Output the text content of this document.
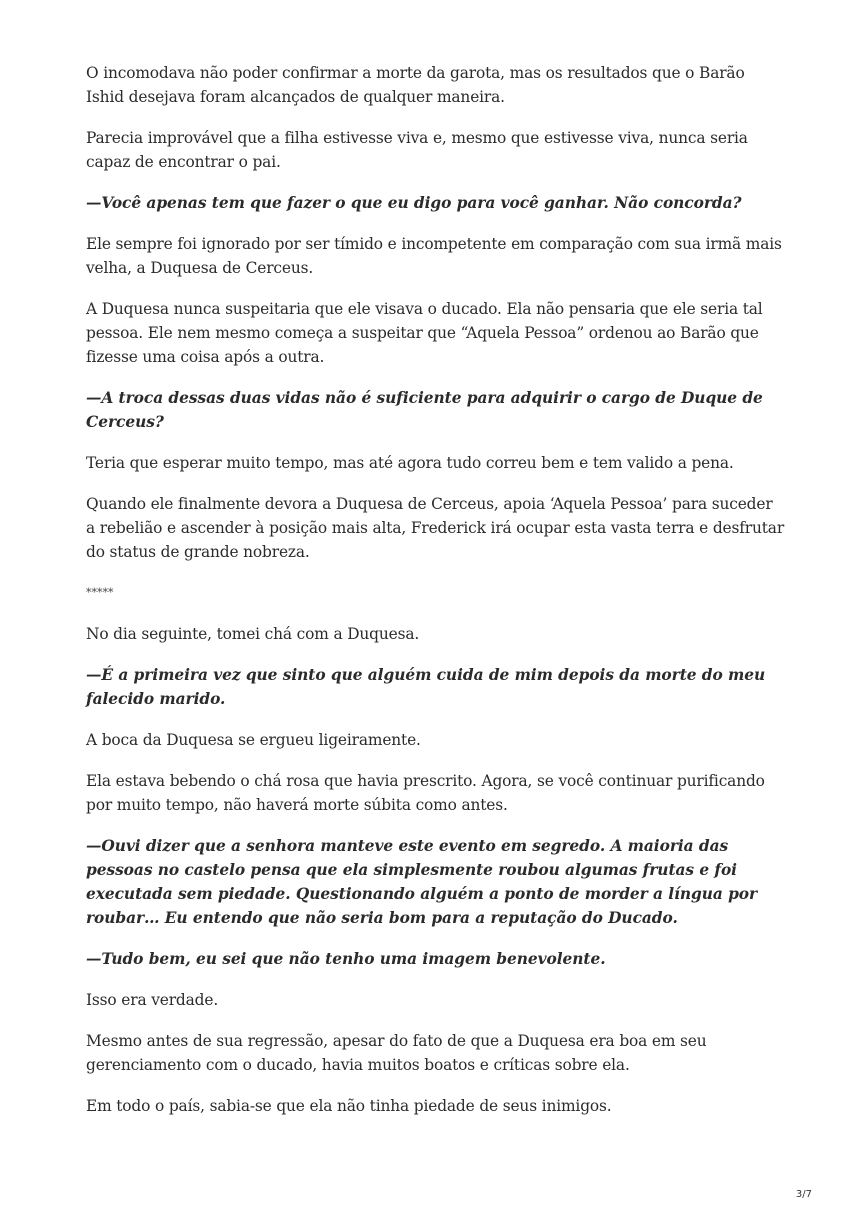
O incomodava não poder confirmar a morte da garota, mas os resultados que o Barão Ishid desejava foram alcançados de qualquer maneira.

Parecia improvável que a filha estivesse viva e, mesmo que estivesse viva, nunca seria capaz de encontrar o pai.

—Você apenas tem que fazer o que eu digo para você ganhar. Não concorda?

Ele sempre foi ignorado por ser tímido e incompetente em comparação com sua irmã mais velha, a Duquesa de Cerceus.

A Duquesa nunca suspeitaria que ele visava o ducado. Ela não pensaria que ele seria tal pessoa. Ele nem mesmo começa a suspeitar que “Aquela Pessoa” ordenou ao Barão que fizesse uma coisa após a outra.

—A troca dessas duas vidas não é suficiente para adquirir o cargo de Duque de Cerceus?

Teria que esperar muito tempo, mas até agora tudo correu bem e tem valido a pena.

Quando ele finalmente devora a Duquesa de Cerceus, apoia ‘Aquela Pessoa’ para suceder a rebelião e ascender à posição mais alta, Frederick irá ocupar esta vasta terra e desfrutar do status de grande nobreza.

*****

No dia seguinte, tomei chá com a Duquesa.

—É a primeira vez que sinto que alguém cuida de mim depois da morte do meu falecido marido.

A boca da Duquesa se ergueu ligeiramente.

Ela estava bebendo o chá rosa que havia prescrito. Agora, se você continuar purificando por muito tempo, não haverá morte súbita como antes.

—Ouvi dizer que a senhora manteve este evento em segredo. A maioria das pessoas no castelo pensa que ela simplesmente roubou algumas frutas e foi executada sem piedade. Questionando alguém a ponto de morder a língua por roubar… Eu entendo que não seria bom para a reputação do Ducado.

—Tudo bem, eu sei que não tenho uma imagem benevolente.

Isso era verdade.

Mesmo antes de sua regressão, apesar do fato de que a Duquesa era boa em seu gerenciamento com o ducado, havia muitos boatos e críticas sobre ela.

Em todo o país, sabia-se que ela não tinha piedade de seus inimigos.

3/7
